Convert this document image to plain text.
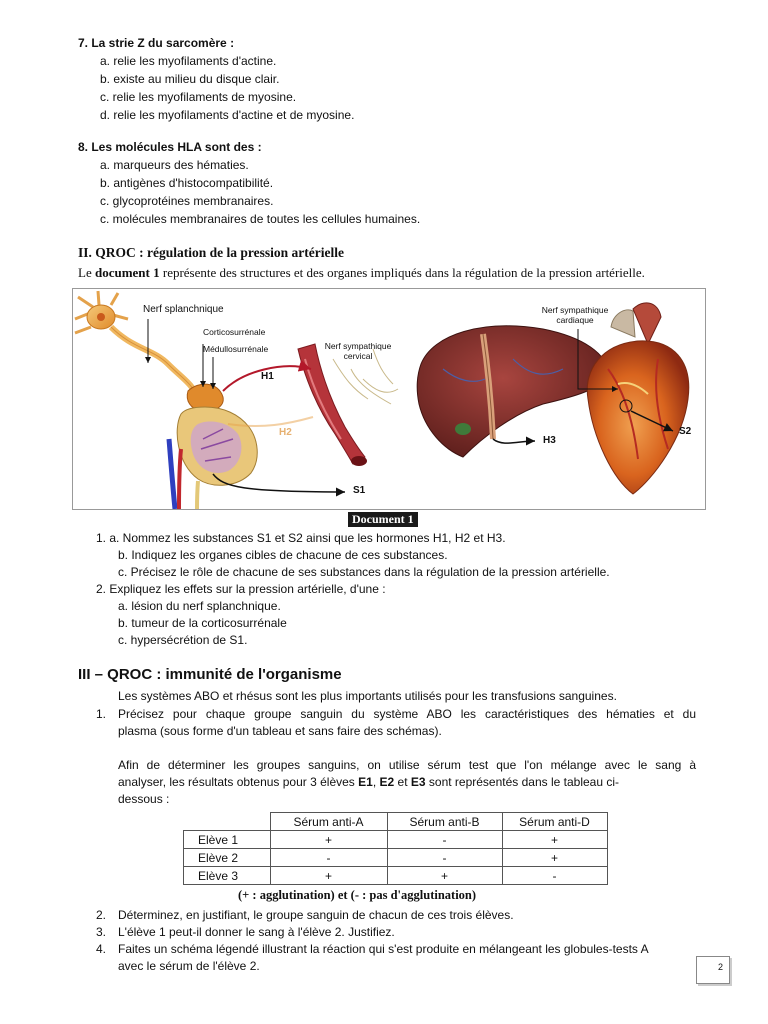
7. La strie Z du sarcomère :
a. relie les myofilaments d'actine.
b. existe au milieu du disque clair.
c. relie les myofilaments de myosine.
d. relie les myofilaments d'actine et de myosine.
8. Les molécules HLA sont des :
a. marqueurs des hématies.
b. antigènes d'histocompatibilité.
c. glycoprotéines membranaires.
c. molécules membranaires de toutes les cellules humaines.
II. QROC : régulation de la pression artérielle
Le document 1 représente des structures et des organes impliqués dans la régulation de la pression artérielle.
Nerf splanchnique
Corticosurrénale
Médullosurrénale	Nerf sympathique
cervical
Nerf sympathique
cardiaque
H1
H2
H3
S1
S2
Document 1
1. a. Nommez les substances S1 et S2 ainsi que les hormones H1, H2 et H3.
b. Indiquez les organes cibles de chacune de ces substances.
c. Précisez le rôle de chacune de ses substances dans la régulation de la pression artérielle.
2. Expliquez les effets sur la pression artérielle, d'une :
a. lésion du nerf splanchnique.
b. tumeur de la corticosurrénale
c. hypersécrétion de S1.
III – QROC : immunité de l'organisme
Les systèmes ABO et rhésus sont les plus importants utilisés pour les transfusions sanguines.
1. Précisez pour chaque groupe sanguin du système ABO les caractéristiques des hématies et du
plasma (sous forme d'un tableau et sans faire des schémas).
Afin de déterminer les groupes sanguins, on utilise sérum test que l'on mélange avec le sang à
analyser, les résultats obtenus pour 3 élèves E1, E2 et E3 sont représentés dans le tableau ci-
dessous :
	Sérum anti-A	Sérum anti-B	Sérum anti-D
Elève 1	+	-	+
Elève 2	-	-	+
Elève 3	+	+	-
(+ : agglutination) et (- : pas d'agglutination)
2. Déterminez, en justifiant, le groupe sanguin de chacun de ces trois élèves.
3. L'élève 1 peut-il donner le sang à l'élève 2. Justifiez.
4. Faites un schéma légendé illustrant la réaction qui s'est produite en mélangeant les globules-tests A
avec le sérum de l'élève 2.	2
